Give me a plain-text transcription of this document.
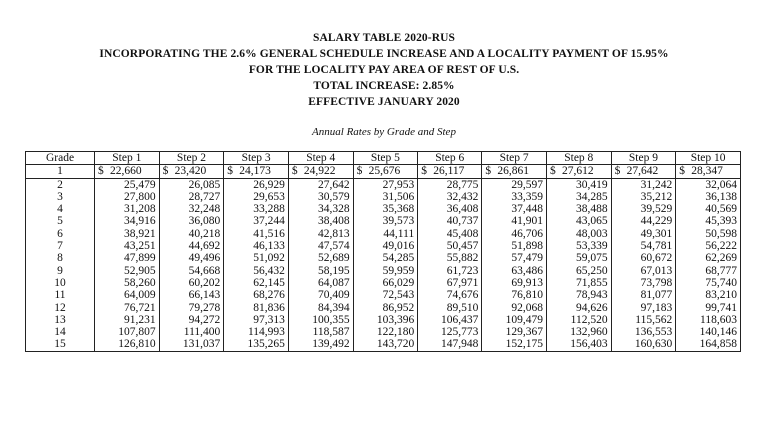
SALARY TABLE 2020-RUS
INCORPORATING THE 2.6% GENERAL SCHEDULE INCREASE AND A LOCALITY PAYMENT OF 15.95%
FOR THE LOCALITY PAY AREA OF REST OF U.S.
TOTAL INCREASE: 2.85%
EFFECTIVE JANUARY 2020
Annual Rates by Grade and Step
Grade	Step 1	Step 2	Step 3	Step 4	Step 5	Step 6	Step 7	Step 8	Step 9	Step 10
1	$ 22,660	$ 23,420	$ 24,173	$ 24,922	$ 25,676	$ 26,117	$ 26,861	$ 27,612	$ 27,642	$ 28,347
2	25,479	26,085	26,929	27,642	27,953	28,775	29,597	30,419	31,242	32,064
3	27,800	28,727	29,653	30,579	31,506	32,432	33,359	34,285	35,212	36,138
4	31,208	32,248	33,288	34,328	35,368	36,408	37,448	38,488	39,529	40,569
5	34,916	36,080	37,244	38,408	39,573	40,737	41,901	43,065	44,229	45,393
6	38,921	40,218	41,516	42,813	44,111	45,408	46,706	48,003	49,301	50,598
7	43,251	44,692	46,133	47,574	49,016	50,457	51,898	53,339	54,781	56,222
8	47,899	49,496	51,092	52,689	54,285	55,882	57,479	59,075	60,672	62,269
9	52,905	54,668	56,432	58,195	59,959	61,723	63,486	65,250	67,013	68,777
10	58,260	60,202	62,145	64,087	66,029	67,971	69,913	71,855	73,798	75,740
11	64,009	66,143	68,276	70,409	72,543	74,676	76,810	78,943	81,077	83,210
12	76,721	79,278	81,836	84,394	86,952	89,510	92,068	94,626	97,183	99,741
13	91,231	94,272	97,313	100,355	103,396	106,437	109,479	112,520	115,562	118,603
14	107,807	111,400	114,993	118,587	122,180	125,773	129,367	132,960	136,553	140,146
15	126,810	131,037	135,265	139,492	143,720	147,948	152,175	156,403	160,630	164,858
